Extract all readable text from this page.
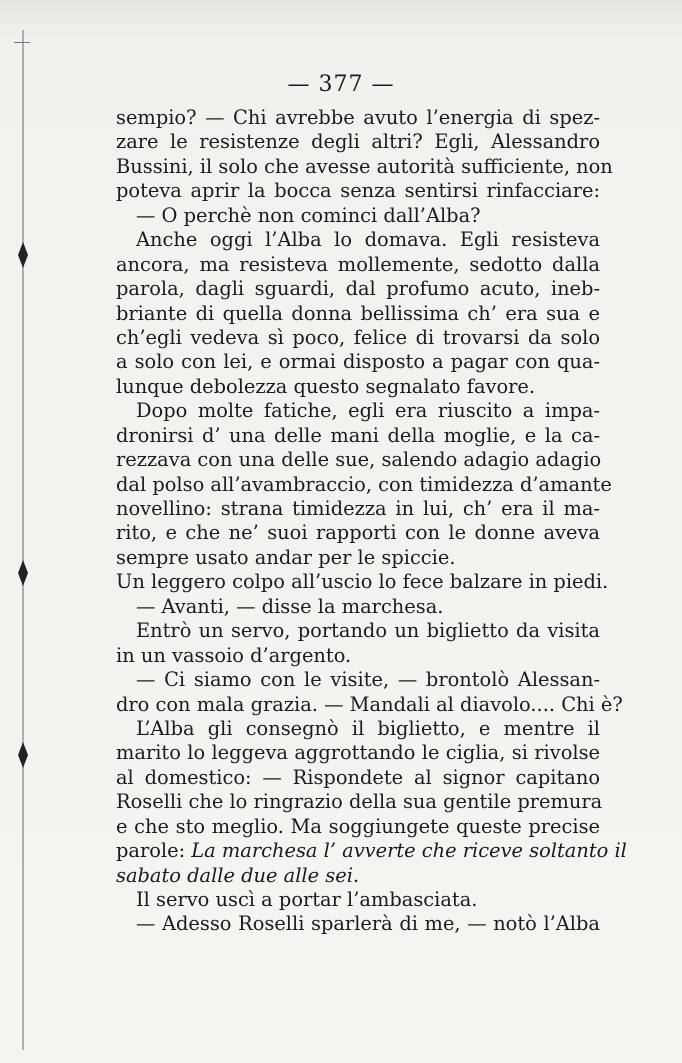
— 377 —
sempio? — Chi avrebbe avuto l’energia di spez-
zare le resistenze degli altri? Egli, Alessandro
Bussini, il solo che avesse autorità sufficiente, non
poteva aprir la bocca senza sentirsi rinfacciare:
— O perchè non cominci dall’Alba?
Anche oggi l’Alba lo domava. Egli resisteva
ancora, ma resisteva mollemente, sedotto dalla
parola, dagli sguardi, dal profumo acuto, ineb-
briante di quella donna bellissima ch’ era sua e
ch’egli vedeva sì poco, felice di trovarsi da solo
a solo con lei, e ormai disposto a pagar con qua-
lunque debolezza questo segnalato favore.
Dopo molte fatiche, egli era riuscito a impa-
dronirsi d’ una delle mani della moglie, e la ca-
rezzava con una delle sue, salendo adagio adagio
dal polso all’avambraccio, con timidezza d’amante
novellino: strana timidezza in lui, ch’ era il ma-
rito, e che ne’ suoi rapporti con le donne aveva
sempre usato andar per le spiccie.
Un leggero colpo all’uscio lo fece balzare in piedi.
— Avanti, — disse la marchesa.
Entrò un servo, portando un biglietto da visita
in un vassoio d’argento.
— Ci siamo con le visite, — brontolò Alessan-
dro con mala grazia. — Mandali al diavolo.... Chi è?
L’Alba gli consegnò il biglietto, e mentre il
marito lo leggeva aggrottando le ciglia, si rivolse
al domestico: — Rispondete al signor capitano
Roselli che lo ringrazio della sua gentile premura
e che sto meglio. Ma soggiungete queste precise
parole: La marchesa l’ avverte che riceve soltanto il
sabato dalle due alle sei.
Il servo uscì a portar l’ambasciata.
— Adesso Roselli sparlerà di me, — notò l’Alba
